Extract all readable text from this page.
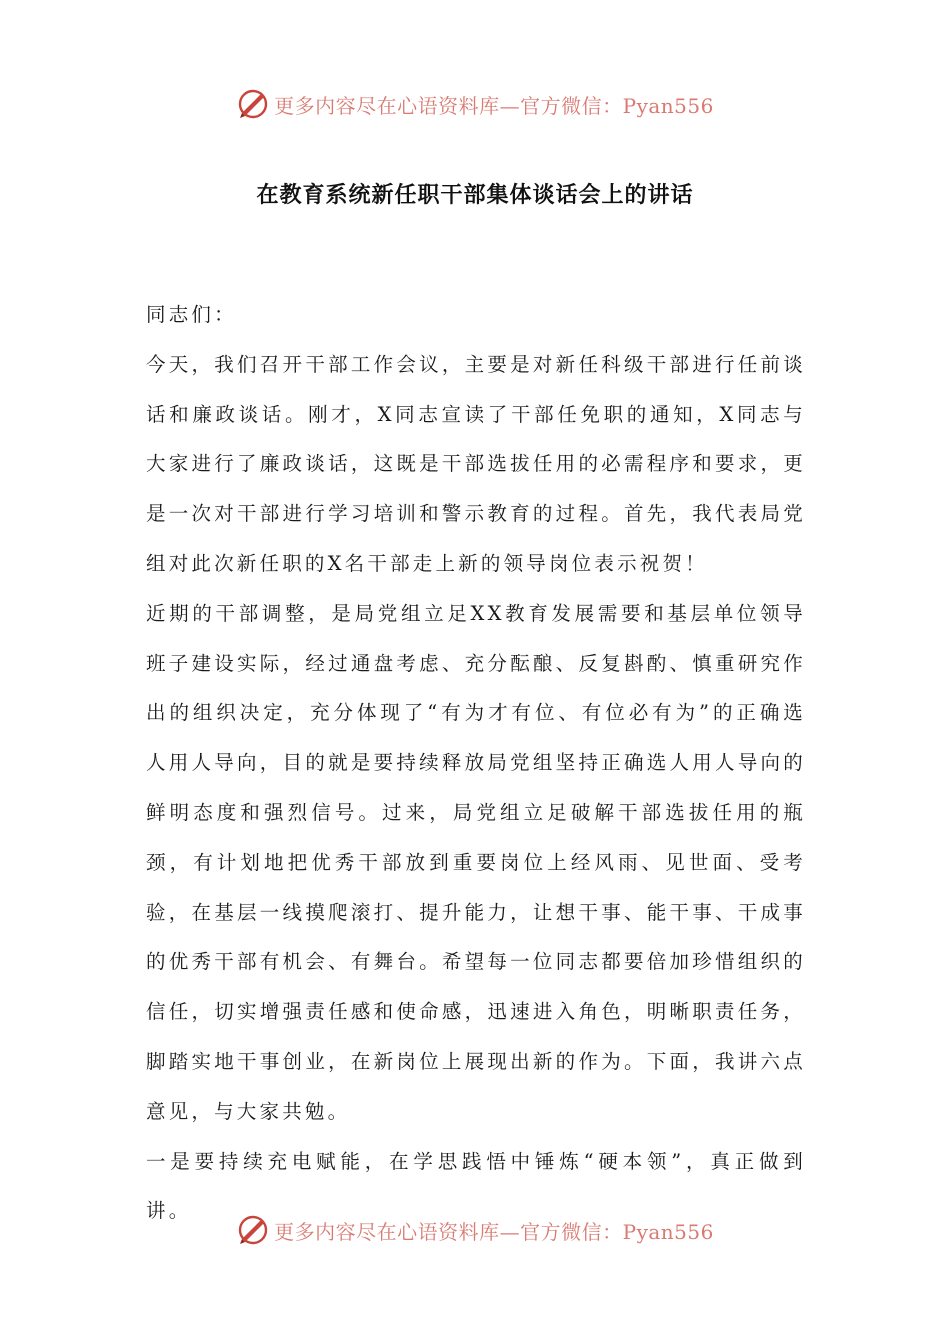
更多内容尽在心语资料库—官方微信：Pyan556
在教育系统新任职干部集体谈话会上的讲话

同志们：

今天，我们召开干部工作会议，主要是对新任科级干部进行任前谈话和廉政谈话。刚才，X同志宣读了干部任免职的通知，X同志与大家进行了廉政谈话，这既是干部选拔任用的必需程序和要求，更是一次对干部进行学习培训和警示教育的过程。首先，我代表局党组对此次新任职的X名干部走上新的领导岗位表示祝贺！

近期的干部调整，是局党组立足XX教育发展需要和基层单位领导班子建设实际，经过通盘考虑、充分酝酿、反复斟酌、慎重研究作出的组织决定，充分体现了“有为才有位、有位必有为”的正确选人用人导向，目的就是要持续释放局党组坚持正确选人用人导向的鲜明态度和强烈信号。过来，局党组立足破解干部选拔任用的瓶颈，有计划地把优秀干部放到重要岗位上经风雨、见世面、受考验，在基层一线摸爬滚打、提升能力，让想干事、能干事、干成事的优秀干部有机会、有舞台。希望每一位同志都要倍加珍惜组织的信任，切实增强责任感和使命感，迅速进入角色，明晰职责任务，脚踏实地干事创业，在新岗位上展现出新的作为。下面，我讲六点意见，与大家共勉。

一是要持续充电赋能，在学思践悟中锤炼“硬本领”，真正做到讲。

更多内容尽在心语资料库—官方微信：Pyan556
